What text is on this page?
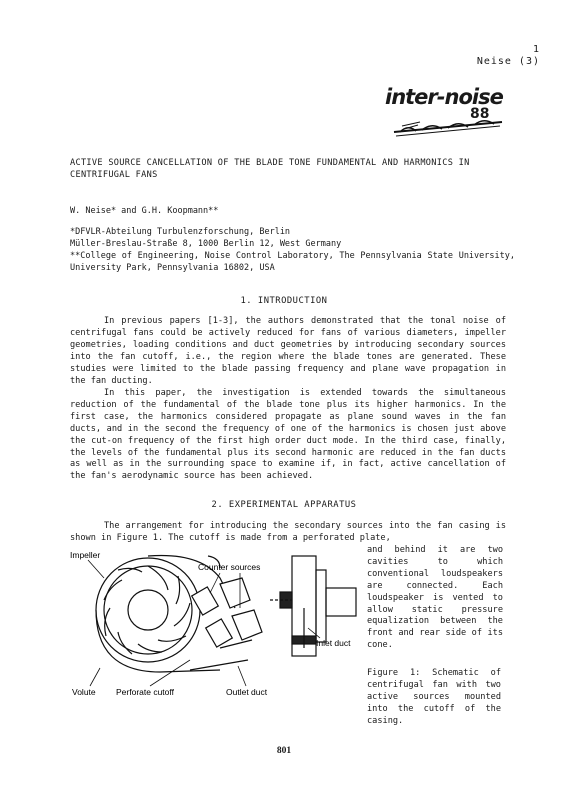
1
Neise (3)
inter-noise
88
ACTIVE SOURCE CANCELLATION OF THE BLADE TONE FUNDAMENTAL AND HARMONICS IN CENTRIFUGAL FANS
W. Neise* and G.H. Koopmann**
*DFVLR-Abteilung Turbulenzforschung, Berlin
Müller-Breslau-Straße 8, 1000 Berlin 12, West Germany
**College of Engineering, Noise Control Laboratory, The Pennsylvania State University, University Park, Pennsylvania 16802, USA
1. INTRODUCTION
In previous papers [1-3], the authors demonstrated that the tonal noise of centrifugal fans could be actively reduced for fans of various diameters, impeller geometries, loading conditions and duct geometries by introducing secondary sources into the fan cutoff, i.e., the region where the blade tones are generated. These studies were limited to the blade passing frequency and plane wave propagation in the fan ducting.
In this paper, the investigation is extended towards the simultaneous reduction of the fundamental of the blade tone plus its higher harmonics. In the first case, the harmonics considered propagate as plane sound waves in the fan ducts, and in the second the frequency of one of the harmonics is chosen just above the cut-on frequency of the first high order duct mode. In the third case, finally, the levels of the fundamental plus its second harmonic are reduced in the fan ducts as well as in the surrounding space to examine if, in fact, active cancellation of the fan's aerodynamic source has been achieved.
2. EXPERIMENTAL APPARATUS
The arrangement for introducing the secondary sources into the fan casing is shown in Figure 1. The cutoff is made from a perforated plate,
and behind it are two cavities to which conventional loudspeakers are connected. Each loudspeaker is vented to allow static pressure equalization between the front and rear side of its cone.
Impeller
Counter sources
Inlet duct
Volute Perforate cutoff	Outlet duct
Figure 1: Schematic of centrifugal fan with two active sources mounted into the cutoff of the casing.
801
